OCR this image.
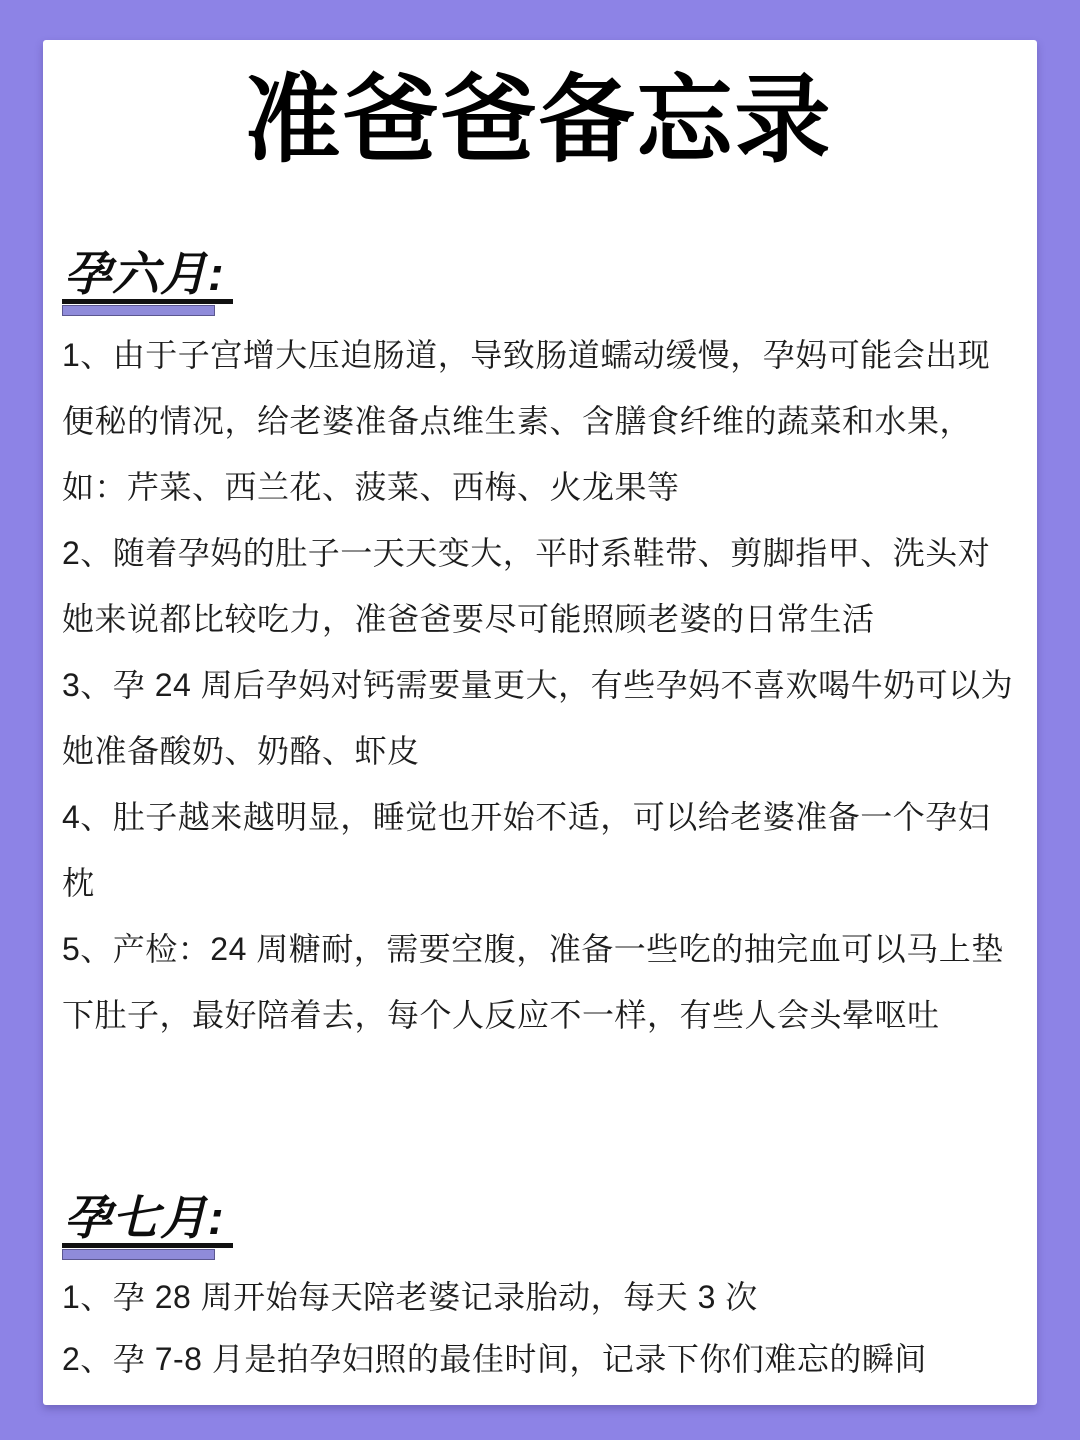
准爸爸备忘录
孕六月:

1、由于子宫增大压迫肠道，导致肠道蠕动缓慢，孕妈可能会出现便秘的情况，给老婆准备点维生素、含膳食纤维的蔬菜和水果，如：芹菜、西兰花、菠菜、西梅、火龙果等

2、随着孕妈的肚子一天天变大，平时系鞋带、剪脚指甲、洗头对她来说都比较吃力，准爸爸要尽可能照顾老婆的日常生活

3、孕 24 周后孕妈对钙需要量更大，有些孕妈不喜欢喝牛奶可以为她准备酸奶、奶酪、虾皮

4、肚子越来越明显，睡觉也开始不适，可以给老婆准备一个孕妇枕

5、产检：24 周糖耐，需要空腹，准备一些吃的抽完血可以马上垫下肚子，最好陪着去，每个人反应不一样，有些人会头晕呕吐

孕七月:

1、孕 28 周开始每天陪老婆记录胎动，每天 3 次

2、孕 7-8 月是拍孕妇照的最佳时间，记录下你们难忘的瞬间
